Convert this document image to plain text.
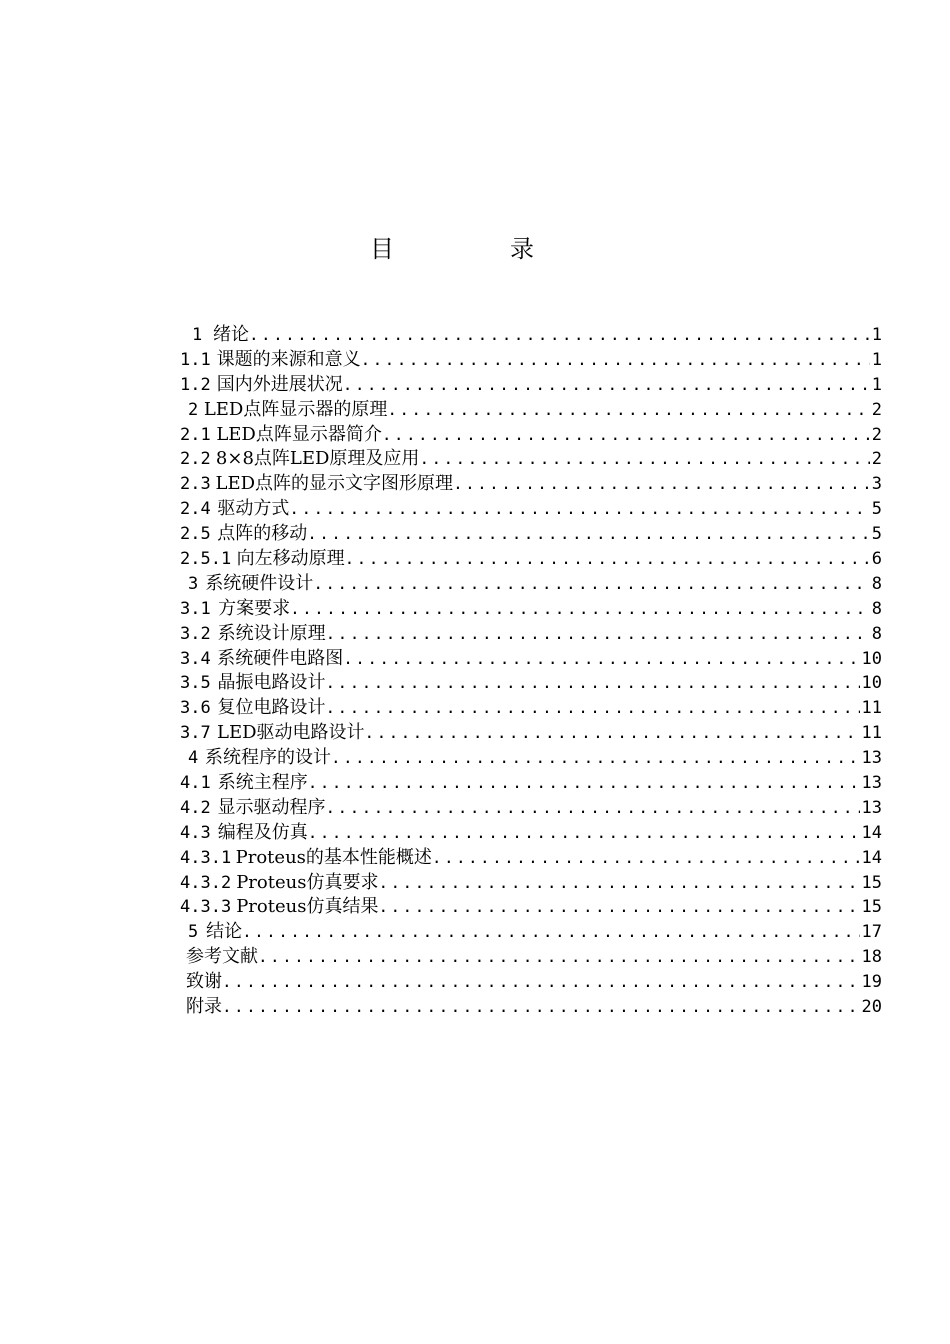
目　录
1 绪论 .....	1
1.1 课题的来源和意义 .....	1
1.2 国内外进展状况 .....	1
2 LED点阵显示器的原理 .....	2
2.1 LED点阵显示器简介 .....	2
2.2 8×8点阵LED原理及应用 .....	2
2.3 LED点阵的显示文字图形原理 .....	3
2.4 驱动方式 .....	5
2.5 点阵的移动 .....	5
2.5.1 向左移动原理 .....	6
3 系统硬件设计 .....	8
3.1 方案要求 .....	8
3.2 系统设计原理 .....	8
3.4 系统硬件电路图 .....	10
3.5 晶振电路设计 .....	10
3.6 复位电路设计 .....	11
3.7 LED驱动电路设计 .....	11
4 系统程序的设计 .....	13
4.1 系统主程序 .....	13
4.2 显示驱动程序 .....	13
4.3 编程及仿真 .....	14
4.3.1 Proteus的基本性能概述 .....	14
4.3.2 Proteus仿真要求 .....	15
4.3.3 Proteus仿真结果 .....	15
5 结论 .....	17
参考文献 .....	18
致谢 .....	19
附录 .....	20
